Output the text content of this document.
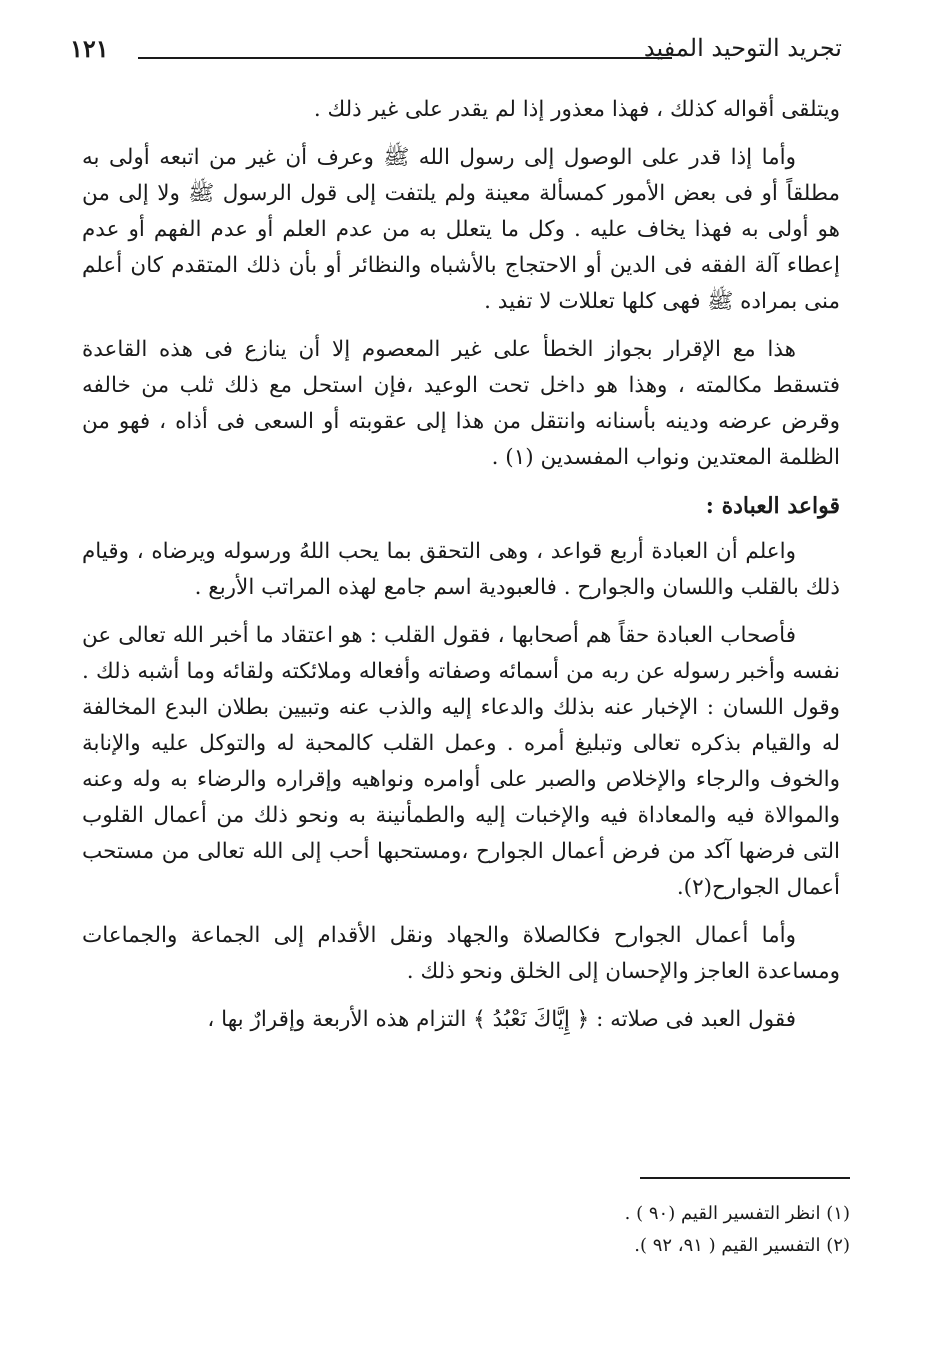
تجريد التوحيد المفيد
١٢١

ويتلقى أقواله كذلك ، فهذا معذور إذا لم يقدر على غير ذلك .

وأما إذا قدر على الوصول إلى رسول الله ﷺ وعرف أن غير من اتبعه أولى به مطلقاً أو فى بعض الأمور كمسألة معينة ولم يلتفت إلى قول الرسول ﷺ ولا إلى من هو أولى به فهذا يخاف عليه . وكل ما يتعلل به من عدم العلم أو عدم الفهم أو عدم إعطاء آلة الفقه فى الدين أو الاحتجاج بالأشباه والنظائر أو بأن ذلك المتقدم كان أعلم منى بمراده ﷺ فهى كلها تعللات لا تفيد .

هذا مع الإقرار بجواز الخطأ على غير المعصوم إلا أن ينازع فى هذه القاعدة فتسقط مكالمته ، وهذا هو داخل تحت الوعيد ،فإن استحل مع ذلك ثلب من خالفه وقرض عرضه ودينه بأسنانه وانتقل من هذا إلى عقوبته أو السعى فى أذاه ، فهو من الظلمة المعتدين ونواب المفسدين (١) .

قواعد العبادة :

واعلم أن العبادة أربع قواعد ، وهى التحقق بما يحب اللهُ ورسوله ويرضاه ، وقيام ذلك بالقلب واللسان والجوارح . فالعبودية اسم جامع لهذه المراتب الأربع .

فأصحاب العبادة حقاً هم أصحابها ، فقول القلب : هو اعتقاد ما أخبر الله تعالى عن نفسه وأخبر رسوله عن ربه من أسمائه وصفاته وأفعاله وملائكته ولقائه وما أشبه ذلك . وقول اللسان : الإخبار عنه بذلك والدعاء إليه والذب عنه وتبيين بطلان البدع المخالفة له والقيام بذكره تعالى وتبليغ أمره . وعمل القلب كالمحبة له والتوكل عليه والإنابة والخوف والرجاء والإخلاص والصبر على أوامره ونواهيه وإقراره والرضاء به وله وعنه والموالاة فيه والمعاداة فيه والإخبات إليه والطمأنينة به ونحو ذلك من أعمال القلوب التى فرضها آكد من فرض أعمال الجوارح ،ومستحبها أحب إلى الله تعالى من مستحب أعمال الجوارح(٢).

وأما أعمال الجوارح فكالصلاة والجهاد ونقل الأقدام إلى الجماعة والجماعات ومساعدة العاجز والإحسان إلى الخلق ونحو ذلك .

فقول العبد فى صلاته : ﴿ إِيَّاكَ نَعْبُدُ ﴾ التزام هذه الأربعة وإقرارٌ بها ،

(١) انظر التفسير القيم (٩٠ ) .
(٢) التفسير القيم ( ٩١، ٩٢ ).
